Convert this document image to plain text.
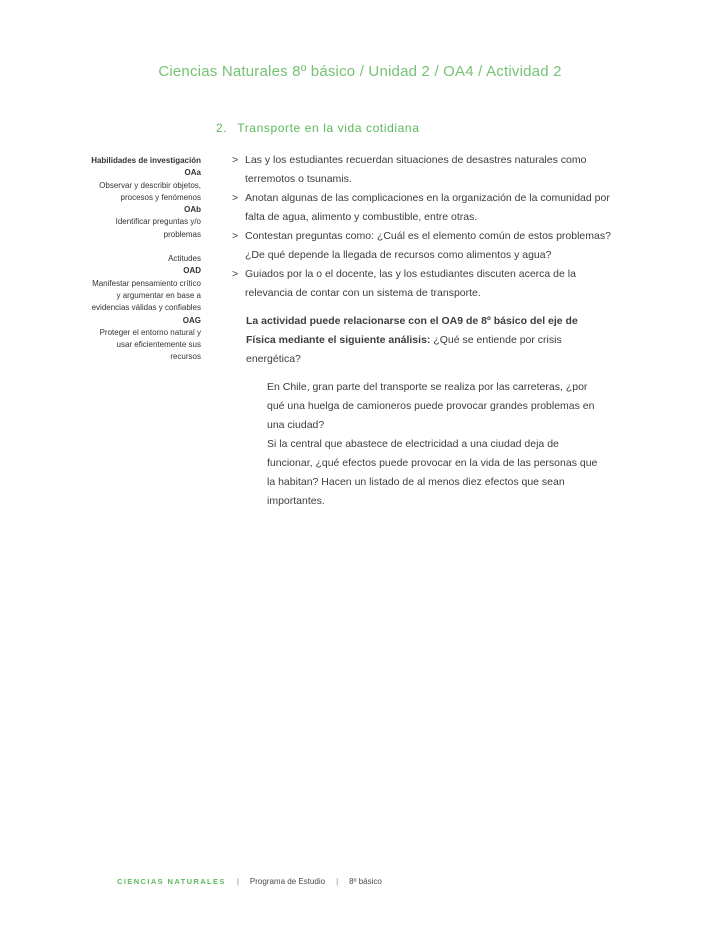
Ciencias Naturales 8º básico / Unidad 2 / OA4 / Actividad 2
2. Transporte en la vida cotidiana
Habilidades de investigación
OAa
Observar y describir objetos, procesos y fenómenos
OAb
Identificar preguntas y/o problemas
Actitudes
OAD
Manifestar pensamiento crítico y argumentar en base a evidencias válidas y confiables
OAG
Proteger el entorno natural y usar eficientemente sus recursos
> Las y los estudiantes recuerdan situaciones de desastres naturales como terremotos o tsunamis.
> Anotan algunas de las complicaciones en la organización de la comunidad por falta de agua, alimento y combustible, entre otras.
> Contestan preguntas como: ¿Cuál es el elemento común de estos problemas? ¿De qué depende la llegada de recursos como alimentos y agua?
> Guiados por la o el docente, las y los estudiantes discuten acerca de la relevancia de contar con un sistema de transporte.

La actividad puede relacionarse con el OA9 de 8º básico del eje de Física mediante el siguiente análisis: ¿Qué se entiende por crisis energética?

En Chile, gran parte del transporte se realiza por las carreteras, ¿por qué una huelga de camioneros puede provocar grandes problemas en una ciudad?

Si la central que abastece de electricidad a una ciudad deja de funcionar, ¿qué efectos puede provocar en la vida de las personas que la habitan? Hacen un listado de al menos diez efectos que sean importantes.

CIENCIAS NATURALES | Programa de Estudio | 8º básico
